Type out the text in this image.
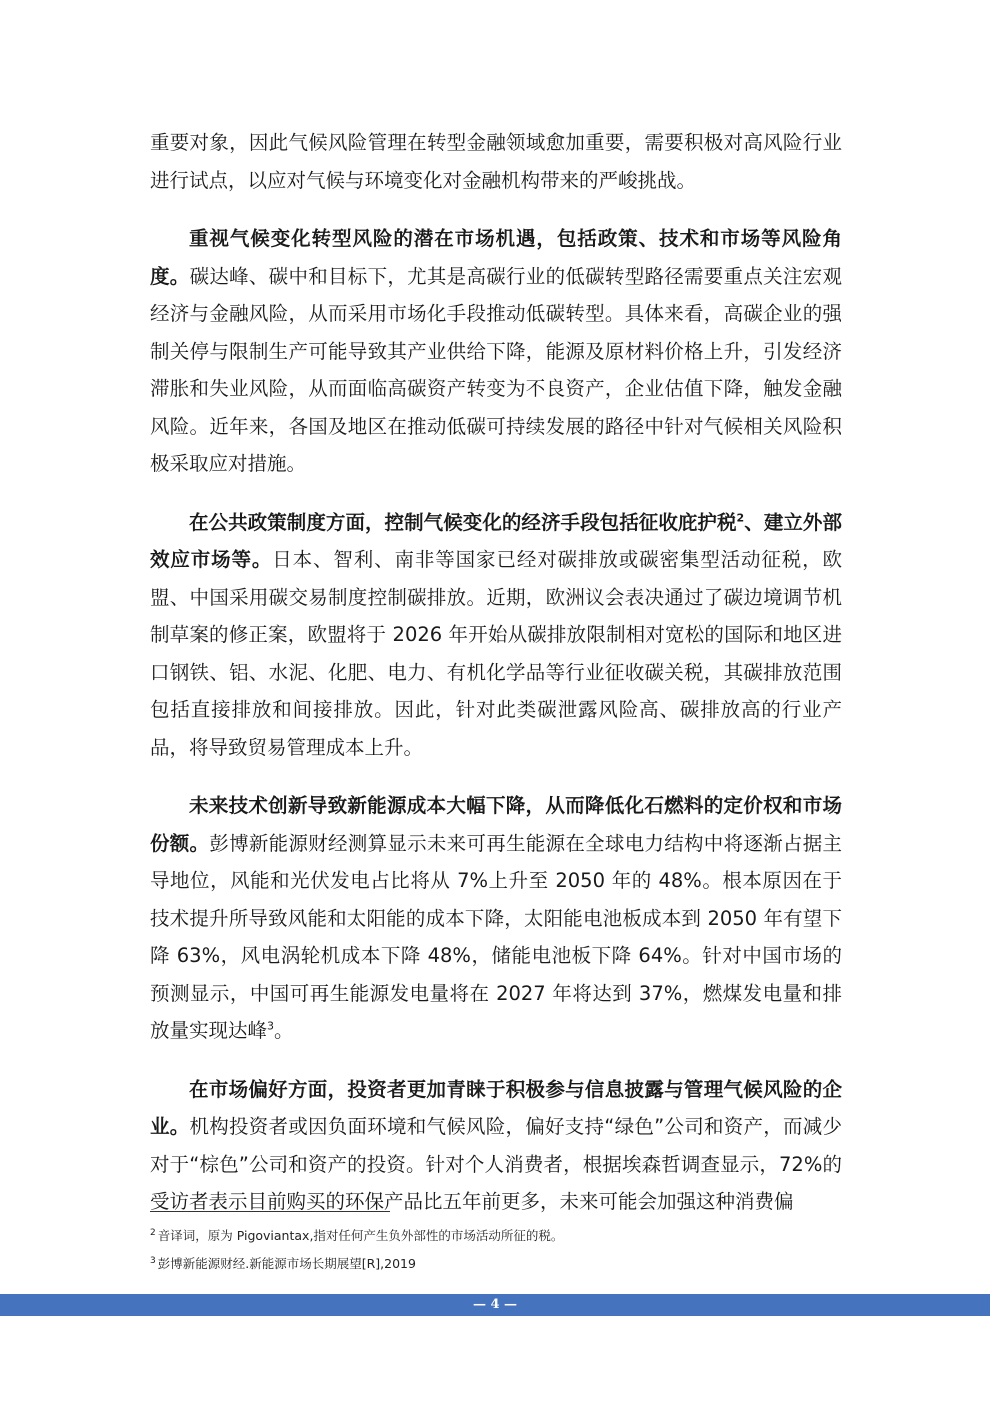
重要对象，因此气候风险管理在转型金融领域愈加重要，需要积极对高风险行业进行试点，以应对气候与环境变化对金融机构带来的严峻挑战。

重视气候变化转型风险的潜在市场机遇，包括政策、技术和市场等风险角度。碳达峰、碳中和目标下，尤其是高碳行业的低碳转型路径需要重点关注宏观经济与金融风险，从而采用市场化手段推动低碳转型。具体来看，高碳企业的强制关停与限制生产可能导致其产业供给下降，能源及原材料价格上升，引发经济滞胀和失业风险，从而面临高碳资产转变为不良资产，企业估值下降，触发金融风险。近年来，各国及地区在推动低碳可持续发展的路径中针对气候相关风险积极采取应对措施。

在公共政策制度方面，控制气候变化的经济手段包括征收庇护税$^2$、建立外部效应市场等。日本、智利、南非等国家已经对碳排放或碳密集型活动征税，欧盟、中国采用碳交易制度控制碳排放。近期，欧洲议会表决通过了碳边境调节机制草案的修正案，欧盟将于 2026 年开始从碳排放限制相对宽松的国际和地区进口钢铁、铝、水泥、化肥、电力、有机化学品等行业征收碳关税，其碳排放范围包括直接排放和间接排放。因此，针对此类碳泄露风险高、碳排放高的行业产品，将导致贸易管理成本上升。

未来技术创新导致新能源成本大幅下降，从而降低化石燃料的定价权和市场份额。彭博新能源财经测算显示未来可再生能源在全球电力结构中将逐渐占据主导地位，风能和光伏发电占比将从 7%上升至 2050 年的 48%。根本原因在于技术提升所导致风能和太阳能的成本下降，太阳能电池板成本到 2050 年有望下降 63%，风电涡轮机成本下降 48%，储能电池板下降 64%。针对中国市场的预测显示，中国可再生能源发电量将在 2027 年将达到 37%，燃煤发电量和排放量实现达峰$^3$。

在市场偏好方面，投资者更加青睐于积极参与信息披露与管理气候风险的企业。机构投资者或因负面环境和气候风险，偏好支持“绿色”公司和资产，而减少对于“棕色”公司和资产的投资。针对个人消费者，根据埃森哲调查显示，72%的受访者表示目前购买的环保产品比五年前更多，未来可能会加强这种消费偏

$^2$ 音译词，原为 Pigoviantax,指对任何产生负外部性的市场活动所征的税。

$^3$ 彭博新能源财经.新能源市场长期展望[R],2019

— 4 —
